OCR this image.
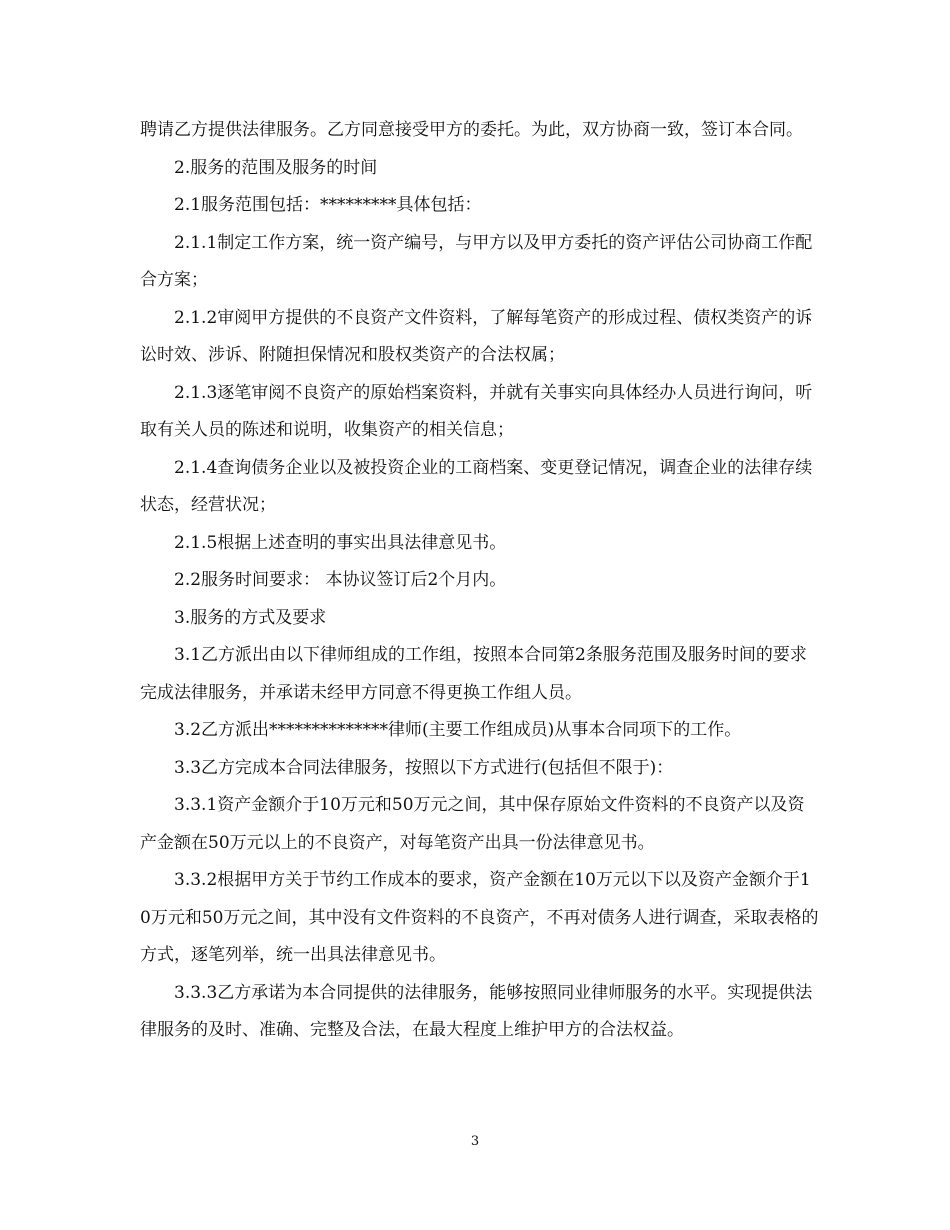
聘请乙方提供法律服务。乙方同意接受甲方的委托。为此，双方协商一致，签订本合同。

2.服务的范围及服务的时间

2.1服务范围包括：*********具体包括：

2.1.1制定工作方案，统一资产编号，与甲方以及甲方委托的资产评估公司协商工作配合方案；

2.1.2审阅甲方提供的不良资产文件资料，了解每笔资产的形成过程、债权类资产的诉讼时效、涉诉、附随担保情况和股权类资产的合法权属；

2.1.3逐笔审阅不良资产的原始档案资料，并就有关事实向具体经办人员进行询问，听取有关人员的陈述和说明，收集资产的相关信息；

2.1.4查询债务企业以及被投资企业的工商档案、变更登记情况，调查企业的法律存续状态，经营状况；

2.1.5根据上述查明的事实出具法律意见书。

2.2服务时间要求： 本协议签订后2个月内。

3.服务的方式及要求

3.1乙方派出由以下律师组成的工作组，按照本合同第2条服务范围及服务时间的要求完成法律服务，并承诺未经甲方同意不得更换工作组人员。

3.2乙方派出**************律师(主要工作组成员)从事本合同项下的工作。

3.3乙方完成本合同法律服务，按照以下方式进行(包括但不限于)：

3.3.1资产金额介于10万元和50万元之间，其中保存原始文件资料的不良资产以及资产金额在50万元以上的不良资产，对每笔资产出具一份法律意见书。

3.3.2根据甲方关于节约工作成本的要求，资产金额在10万元以下以及资产金额介于10万元和50万元之间，其中没有文件资料的不良资产，不再对债务人进行调查，采取表格的方式，逐笔列举，统一出具法律意见书。

3.3.3乙方承诺为本合同提供的法律服务，能够按照同业律师服务的水平。实现提供法律服务的及时、准确、完整及合法，在最大程度上维护甲方的合法权益。

3
